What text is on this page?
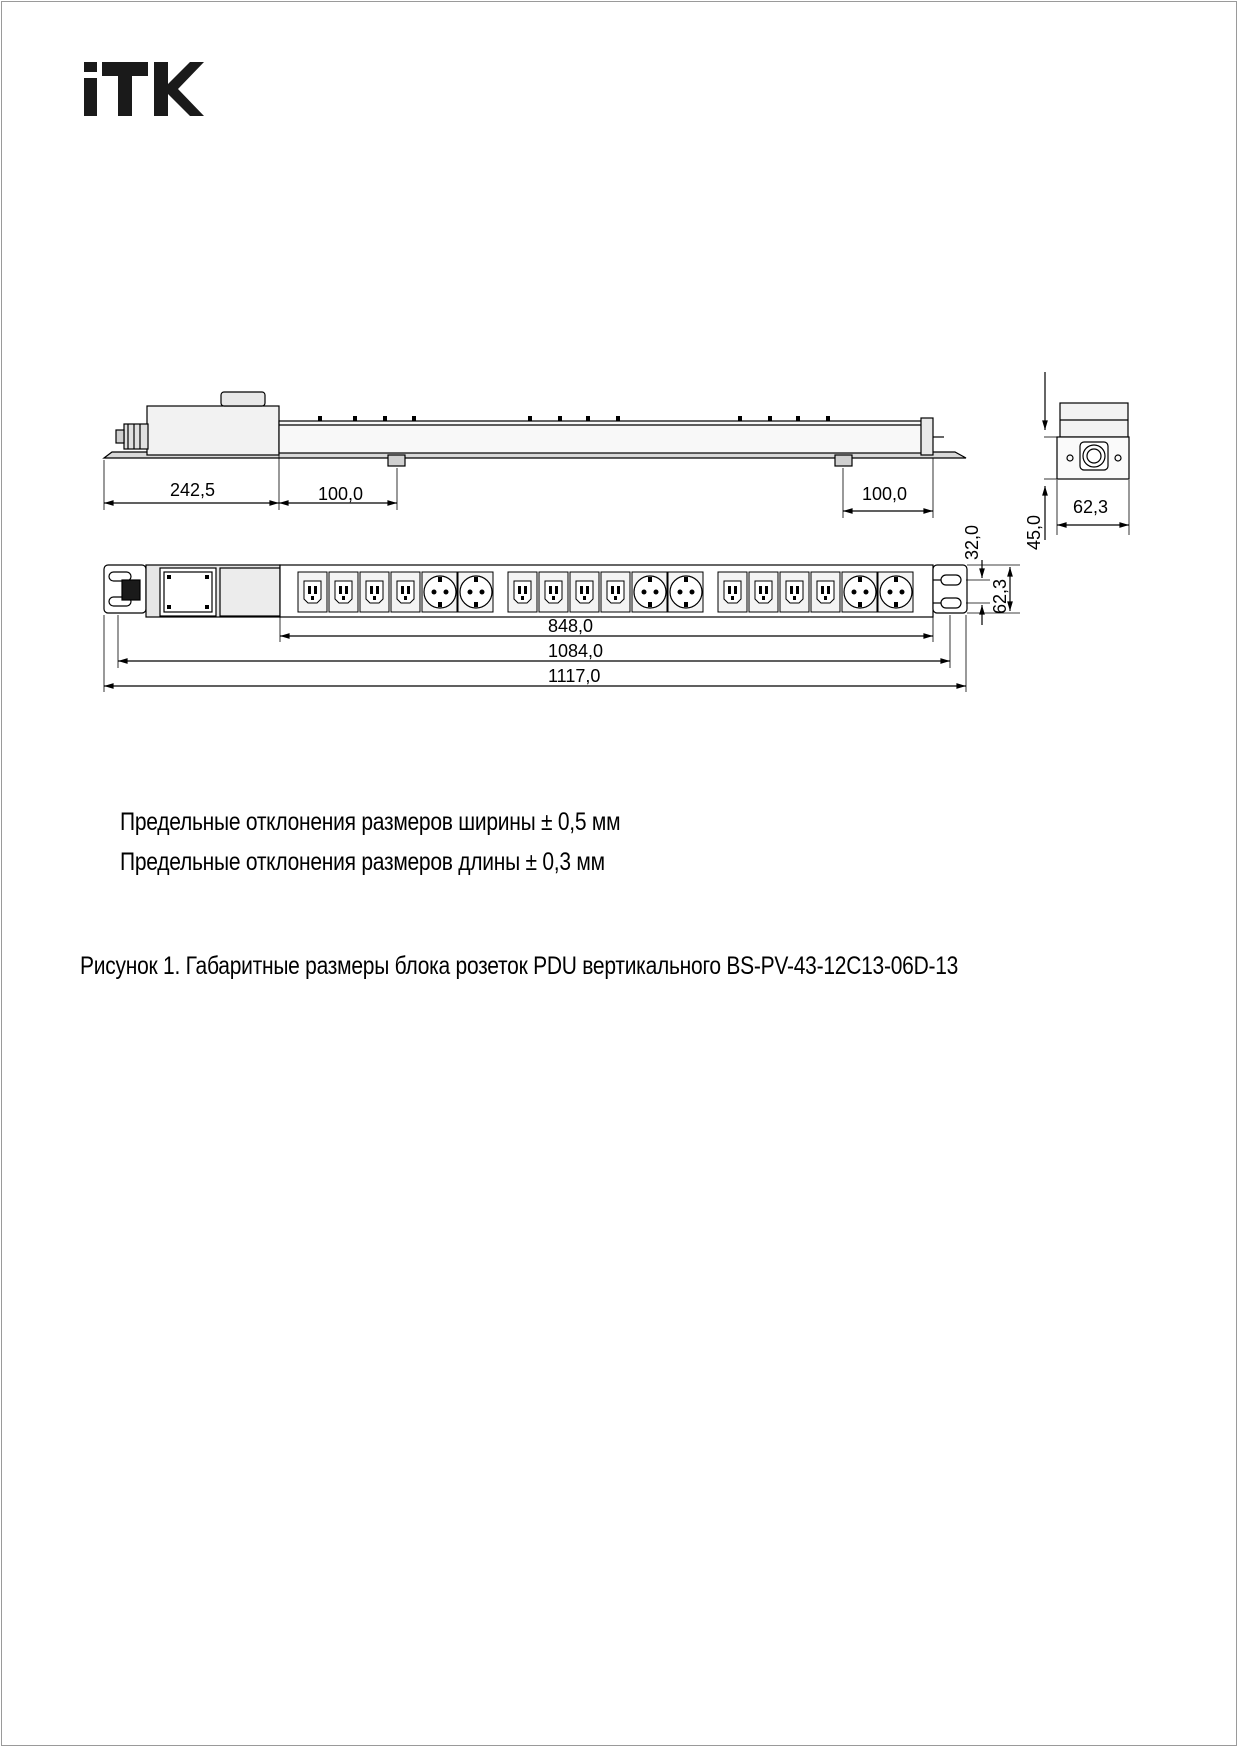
242,5	100,0	100,0
45,0
62,3
848,0
1084,0
1117,0
32,0
62,3
Предельные отклонения размеров ширины ± 0,5 мм
Предельные отклонения размеров длины ± 0,3 мм
Рисунок 1. Габаритные размеры блока розеток PDU вертикального BS-PV-43-12C13-06D-13
